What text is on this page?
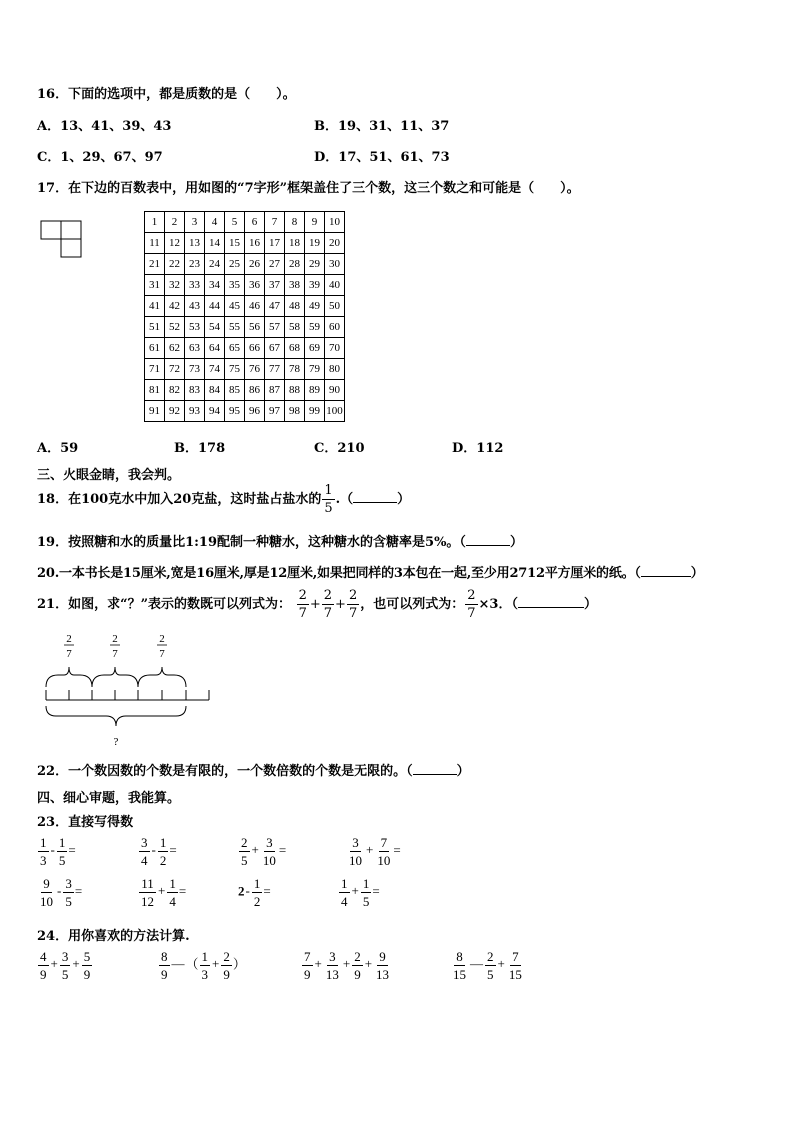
16．下面的选项中，都是质数的是（　　）。
A．13、41、39、43	B．19、31、11、37
C．1、29、67、97	D．17、51、61、73
17．在下边的百数表中，用如图的“7字形”框架盖住了三个数，这三个数之和可能是（　　）。
1	2	3	4	5	6	7	8	9	10
11	12	13	14	15	16	17	18	19	20
21	22	23	24	25	26	27	28	29	30
31	32	33	34	35	36	37	38	39	40
41	42	43	44	45	46	47	48	49	50
51	52	53	54	55	56	57	58	59	60
61	62	63	64	65	66	67	68	69	70
71	72	73	74	75	76	77	78	79	80
81	82	83	84	85	86	87	88	89	90
91	92	93	94	95	96	97	98	99	100
A．59	B．178	C．210	D．112
三、火眼金睛，我会判。
18．在100克水中加入20克盐，这时盐占盐水的 $\frac{1}{5}$ .（	）
19．按照糖和水的质量比1:19配制一种糖水，这种糖水的含糖率是5%。（	）
20.一本书长是15厘米,宽是16厘米,厚是12厘米,如果把同样的3本包在一起,至少用2712平方厘米的纸。（	）
21．如图，求“？”表示的数既可以列式为： $\frac{2}{7} + \frac{2}{7} + \frac{2}{7}$ ，也可以列式为： $\frac{2}{7} \times 3$．（	）
2
7
2
7
2
7
?
22．一个数因数的个数是有限的，一个数倍数的个数是无限的。（	）
四、细心审题，我能算。
23．直接写得数
$\frac{1}{3} - \frac{1}{5}$ =	$\frac{3}{4} - \frac{1}{2}$ =	$\frac{2}{5} + \frac{3}{10}$ =	$\frac{3}{10} + \frac{7}{10}$ =
$\frac{9}{10} - \frac{3}{5}$ =	$\frac{11}{12} + \frac{1}{4}$ =	$2- \frac{1}{2}$ =	$\frac{1}{4} + \frac{1}{5}$ =
24．用你喜欢的方法计算.
$\frac{4}{9} + \frac{3}{5} + \frac{5}{9}$	$\frac{8}{9}$ —（ $\frac{1}{3} + \frac{2}{9}$ ）	$\frac{7}{9} + \frac{3}{13} + \frac{2}{9} + \frac{9}{13}$	$\frac{8}{15}$ — $\frac{2}{5} + \frac{7}{15}$
